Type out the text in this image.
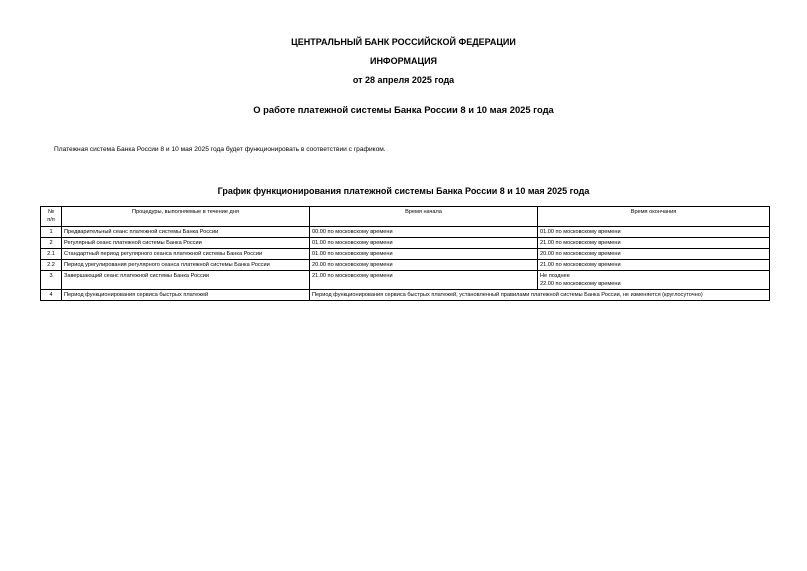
ЦЕНТРАЛЬНЫЙ БАНК РОССИЙСКОЙ ФЕДЕРАЦИИ
ИНФОРМАЦИЯ
от 28 апреля 2025 года
О работе платежной системы Банка России 8 и 10 мая 2025 года
Платежная система Банка России 8 и 10 мая 2025 года будет функционировать в соответствии с графиком.
График функционирования платежной системы Банка России 8 и 10 мая 2025 года
№
п/п	Процедуры, выполняемые в течение дня	Время начала	Время окончания
1	Предварительный сеанс платежной системы Банка России	00.00 по московскому времени	01.00 по московскому времени
2	Регулярный сеанс платежной системы Банка России	01.00 по московскому времени	21.00 по московскому времени
2.1	Стандартный период регулярного сеанса платежной системы Банка России	01.00 по московскому времени	20.00 по московскому времени
2.2	Период урегулирования регулярного сеанса платежной системы Банка России	20.00 по московскому времени	21.00 по московскому времени
3	Завершающий сеанс платежной системы Банка России	21.00 по московскому времени	Не позднее
22.00 по московскому времени

4	Период функционирования сервиса быстрых платежей	Период функционирования сервиса быстрых платежей, установленный правилами платежной системы Банка России, не изменяется (круглосуточно)	
